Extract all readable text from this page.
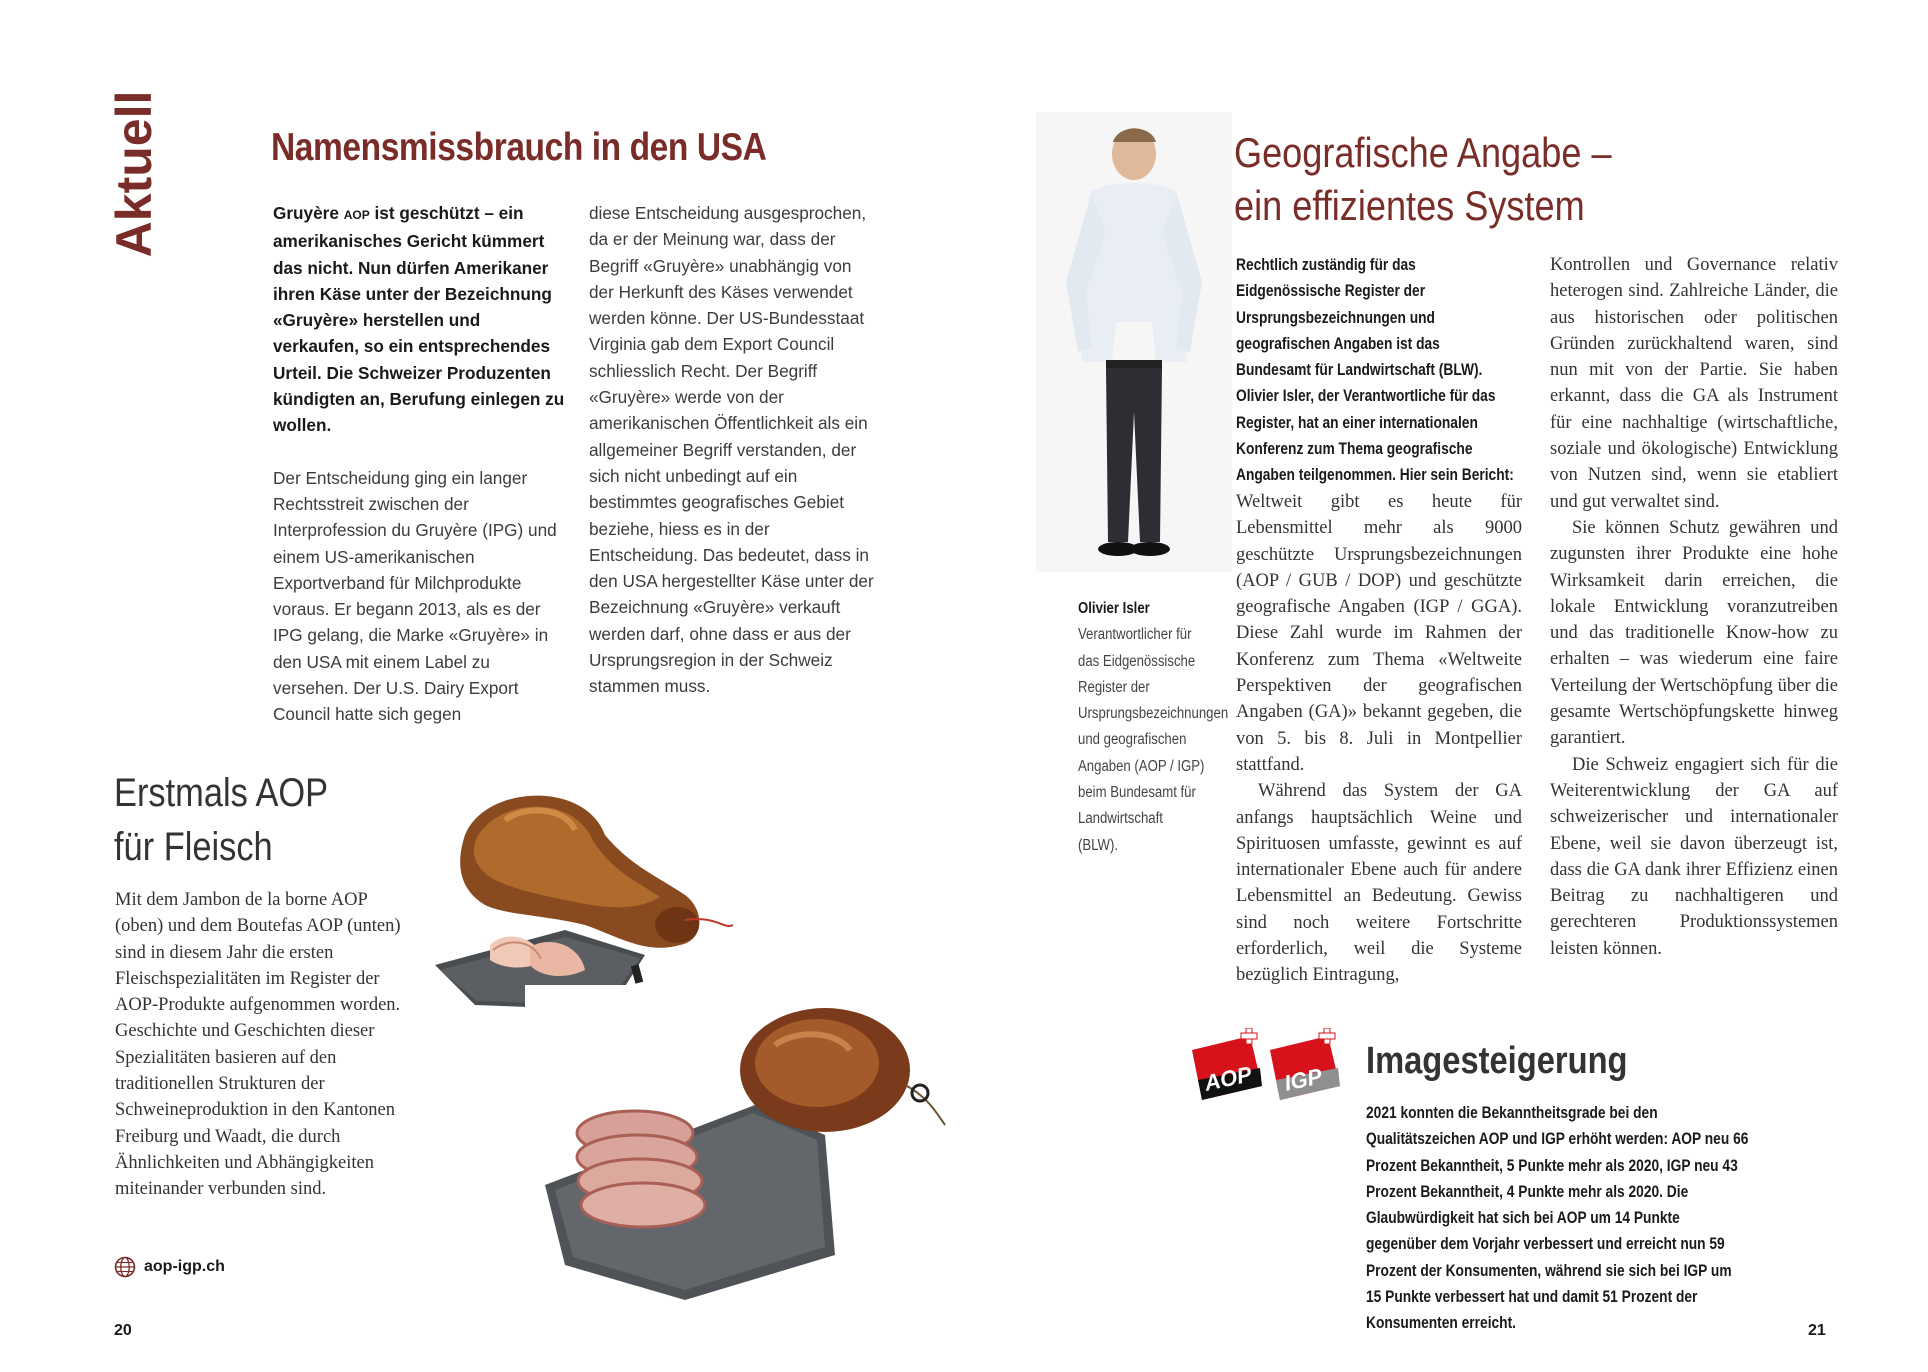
Aktuell	Namensmissbrauch in den USA

Gruyère AOP ist geschützt – ein amerikanisches Gericht kümmert das nicht. Nun dürfen Amerikaner ihren Käse unter der Bezeichnung «Gruyère» herstellen und verkaufen, so ein entsprechendes Urteil. Die Schweizer Produzenten kündigten an, Berufung einlegen zu wollen.

Der Entscheidung ging ein langer Rechtsstreit zwischen der Interprofession du Gruyère (IPG) und einem US-amerikanischen Exportverband für Milchprodukte voraus. Er begann 2013, als es der IPG gelang, die Marke «Gruyère» in den USA mit einem Label zu versehen. Der U.S. Dairy Export Council hatte sich gegen

diese Entscheidung ausgesprochen, da er der Meinung war, dass der Begriff «Gruyère» unabhängig von der Herkunft des Käses verwendet werden könne. Der US-Bundesstaat Virginia gab dem Export Council schliesslich Recht. Der Begriff «Gruyère» werde von der amerikanischen Öffentlichkeit als ein allgemeiner Begriff verstanden, der sich nicht unbedingt auf ein bestimmtes geografisches Gebiet beziehe, hiess es in der Entscheidung. Das bedeutet, dass in den USA hergestellter Käse unter der Bezeichnung «Gruyère» verkauft werden darf, ohne dass er aus der Ursprungsregion in der Schweiz stammen muss.

Erstmals AOP
für Fleisch

Mit dem Jambon de la borne AOP (oben) und dem Boutefas AOP (unten) sind in diesem Jahr die ersten Fleischspezialitäten im Register der AOP-Produkte aufgenommen worden. Geschichte und Geschichten dieser Spezialitäten basieren auf den traditionellen Strukturen der Schweineproduktion in den Kantonen Freiburg und Waadt, die durch Ähnlichkeiten und Abhängigkeiten miteinander verbunden sind.

aop-igp.ch
Geografische Angabe –
ein effizientes System
Rechtlich zuständig für das Eidgenössische Register der Ursprungsbezeichnungen und geografischen Angaben ist das Bundesamt für Landwirtschaft (BLW). Olivier Isler, der Verantwortliche für das Register, hat an einer internationalen Konferenz zum Thema geografische Angaben teilgenommen. Hier sein Bericht:

Weltweit gibt es heute für Lebensmittel mehr als 9000 geschützte Ursprungsbezeichnungen (AOP / GUB / DOP) und geschützte geografische Angaben (IGP / GGA). Diese Zahl wurde im Rahmen der Konferenz zum Thema «Weltweite Perspektiven der geografischen Angaben (GA)» bekannt gegeben, die von 5. bis 8. Juli in Montpellier stattfand.

Während das System der GA anfangs hauptsächlich Weine und Spirituosen umfasste, gewinnt es auf internationaler Ebene auch für andere Lebensmittel an Bedeutung. Gewiss sind noch weitere Fortschritte erforderlich, weil die Systeme bezüglich Eintragung,

Kontrollen und Governance relativ heterogen sind. Zahlreiche Länder, die aus historischen oder politischen Gründen zurückhaltend waren, sind nun mit von der Partie. Sie haben erkannt, dass die GA als Instrument für eine nachhaltige (wirtschaftliche, soziale und ökologische) Entwicklung von Nutzen sind, wenn sie etabliert und gut verwaltet sind.

Sie können Schutz gewähren und zugunsten ihrer Produkte eine hohe Wirksamkeit darin erreichen, die lokale Entwicklung voranzutreiben und das traditionelle Know-how zu erhalten – was wiederum eine faire Verteilung der Wertschöpfung über die gesamte Wertschöpfungskette hinweg garantiert.

Die Schweiz engagiert sich für die Weiterentwicklung der GA auf schweizerischer und internationaler Ebene, weil sie davon überzeugt ist, dass die GA dank ihrer Effizienz einen Beitrag zu nachhaltigeren und gerechteren Produktionssystemen leisten können.

Olivier Isler
Verantwortlicher für das Eidgenössische Register der Ursprungsbezeichnungen und geografischen Angaben (AOP / IGP) beim Bundesamt für Landwirtschaft (BLW).
AOP IGP Imagesteigerung
2021 konnten die Bekanntheitsgrade bei den Qualitätszeichen AOP und IGP erhöht werden: AOP neu 66 Prozent Bekanntheit, 5 Punkte mehr als 2020, IGP neu 43 Prozent Bekanntheit, 4 Punkte mehr als 2020. Die Glaubwürdigkeit hat sich bei AOP um 14 Punkte gegenüber dem Vorjahr verbessert und erreicht nun 59 Prozent der Konsumenten, während sie sich bei IGP um 15 Punkte verbessert hat und damit 51 Prozent der Konsumenten erreicht.
20	21
